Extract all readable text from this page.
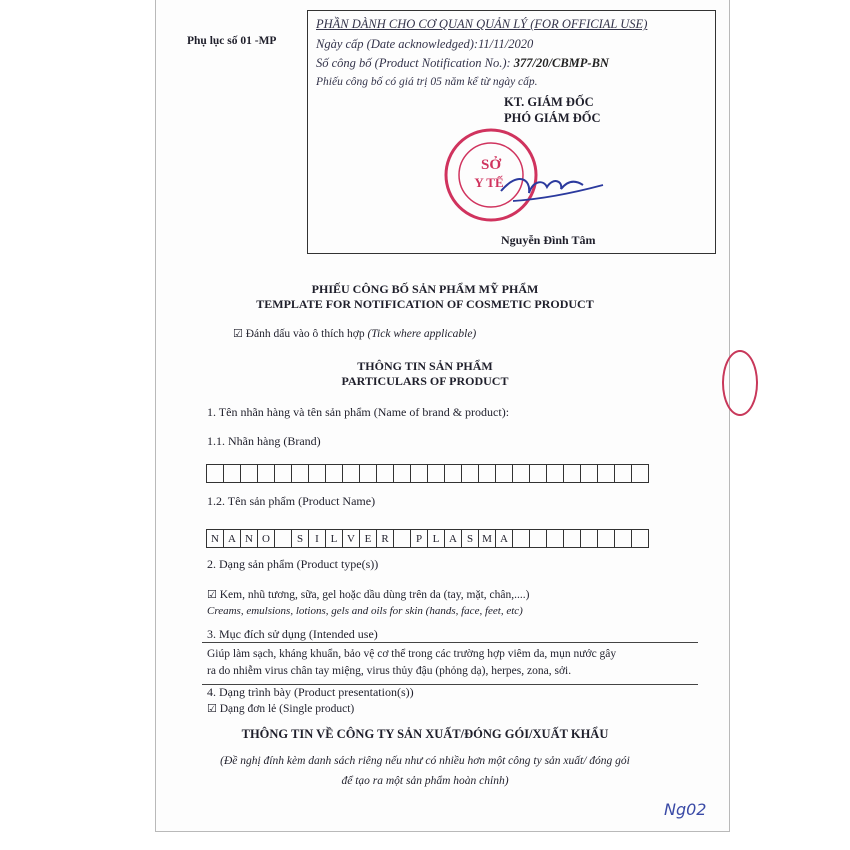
Phụ lục số 01 -MP
PHẦN DÀNH CHO CƠ QUAN QUẢN LÝ (FOR OFFICIAL USE)
Ngày cấp (Date acknowledged):11/11/2020
Số công bố (Product Notification No.): 377/20/CBMP-BN
Phiếu công bố có giá trị 05 năm kể từ ngày cấp.
KT. GIÁM ĐỐC
PHÓ GIÁM ĐỐC
SỞ
Y TẾ
Nguyễn Đình Tâm
PHIẾU CÔNG BỐ SẢN PHẨM MỸ PHẨM
TEMPLATE FOR NOTIFICATION OF COSMETIC PRODUCT
☑ Đánh dấu vào ô thích hợp (Tick where applicable)
THÔNG TIN SẢN PHẨM
PARTICULARS OF PRODUCT
1. Tên nhãn hàng và tên sản phẩm (Name of brand & product):
1.1. Nhãn hàng (Brand)
1.2. Tên sản phẩm (Product Name)
N A N O	S	I	L V E R	P L A S M A
2. Dạng sản phẩm (Product type(s))
☑ Kem, nhũ tương, sữa, gel hoặc dầu dùng trên da (tay, mặt, chân,....)
Creams, emulsions, lotions, gels and oils for skin (hands, face, feet, etc)
3. Mục đích sử dụng (Intended use)
Giúp làm sạch, kháng khuẩn, bảo vệ cơ thể trong các trường hợp viêm da, mụn nước gây
ra do nhiễm virus chân tay miệng, virus thủy đậu (phỏng dạ), herpes, zona, sởi.
4. Dạng trình bày (Product presentation(s))
☑ Dạng đơn lẻ (Single product)
THÔNG TIN VỀ CÔNG TY SẢN XUẤT/ĐÓNG GÓI/XUẤT KHẨU
(Đề nghị đính kèm danh sách riêng nếu như có nhiều hơn một công ty sản xuất/ đóng gói
để tạo ra một sản phẩm hoàn chỉnh)
Ng02
